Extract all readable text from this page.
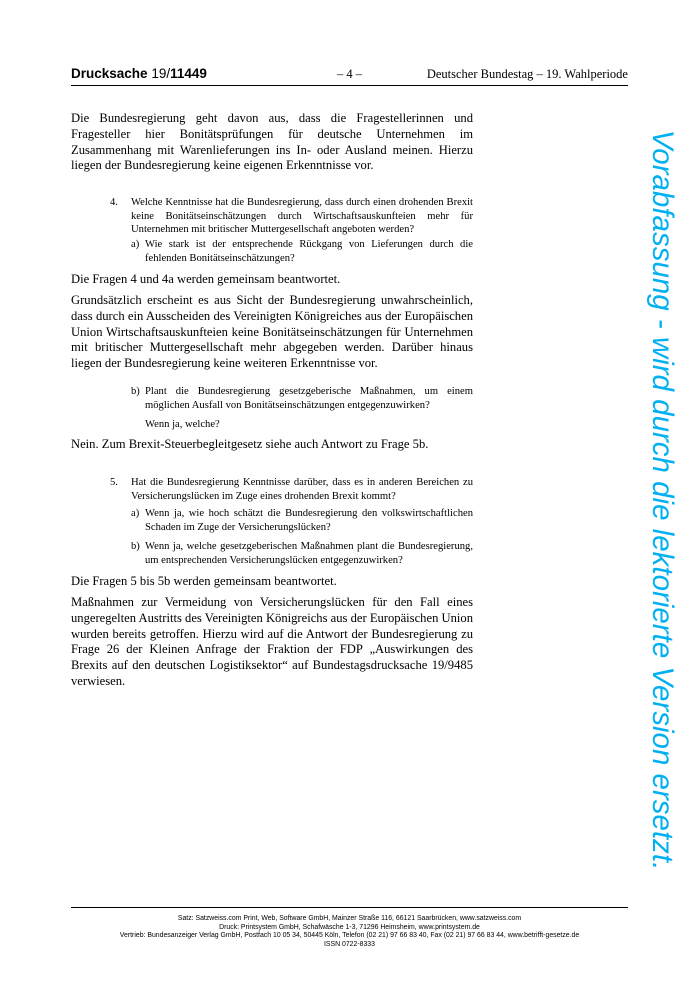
Drucksache 19/11449	– 4 –	Deutscher Bundestag – 19. Wahlperiode

Die Bundesregierung geht davon aus, dass die Fragestellerinnen und Fragesteller hier Bonitätsprüfungen für deutsche Unternehmen im Zusammenhang mit Warenlieferungen ins In- oder Ausland meinen. Hierzu liegen der Bundesregierung keine eigenen Erkenntnisse vor.

4. Welche Kenntnisse hat die Bundesregierung, dass durch einen drohenden Brexit keine Bonitätseinschätzungen durch Wirtschaftsauskunfteien mehr für Unternehmen mit britischer Muttergesellschaft angeboten werden?
a) Wie stark ist der entsprechende Rückgang von Lieferungen durch die fehlenden Bonitätseinschätzungen?

Die Fragen 4 und 4a werden gemeinsam beantwortet.

Grundsätzlich erscheint es aus Sicht der Bundesregierung unwahrscheinlich, dass durch ein Ausscheiden des Vereinigten Königreiches aus der Europäischen Union Wirtschaftsauskunfteien keine Bonitätseinschätzungen für Unternehmen mit britischer Muttergesellschaft mehr abgegeben werden. Darüber hinaus liegen der Bundesregierung keine weiteren Erkenntnisse vor.

b) Plant die Bundesregierung gesetzgeberische Maßnahmen, um einem möglichen Ausfall von Bonitätseinschätzungen entgegenzuwirken?
Wenn ja, welche?

Nein. Zum Brexit-Steuerbegleitgesetz siehe auch Antwort zu Frage 5b.

5. Hat die Bundesregierung Kenntnisse darüber, dass es in anderen Bereichen zu Versicherungslücken im Zuge eines drohenden Brexit kommt?
a) Wenn ja, wie hoch schätzt die Bundesregierung den volkswirtschaftlichen Schaden im Zuge der Versicherungslücken?
b) Wenn ja, welche gesetzgeberischen Maßnahmen plant die Bundesregierung, um entsprechenden Versicherungslücken entgegenzuwirken?

Die Fragen 5 bis 5b werden gemeinsam beantwortet.

Maßnahmen zur Vermeidung von Versicherungslücken für den Fall eines ungeregelten Austritts des Vereinigten Königreichs aus der Europäischen Union wurden bereits getroffen. Hierzu wird auf die Antwort der Bundesregierung zu Frage 26 der Kleinen Anfrage der Fraktion der FDP „Auswirkungen des Brexits auf den deutschen Logistiksektor“ auf Bundestagsdrucksache 19/9485 verwiesen.	Vorabfassung - wird durch die lektorierte Version ersetzt.
Satz: Satzweiss.com Print, Web, Software GmbH, Mainzer Straße 116, 66121 Saarbrücken, www.satzweiss.com
Druck: Printsystem GmbH, Schafwäsche 1-3, 71296 Heimsheim, www.printsystem.de
Vertrieb: Bundesanzeiger Verlag GmbH, Postfach 10 05 34, 50445 Köln, Telefon (02 21) 97 66 83 40, Fax (02 21) 97 66 83 44, www.betrifft-gesetze.de
ISSN 0722-8333
